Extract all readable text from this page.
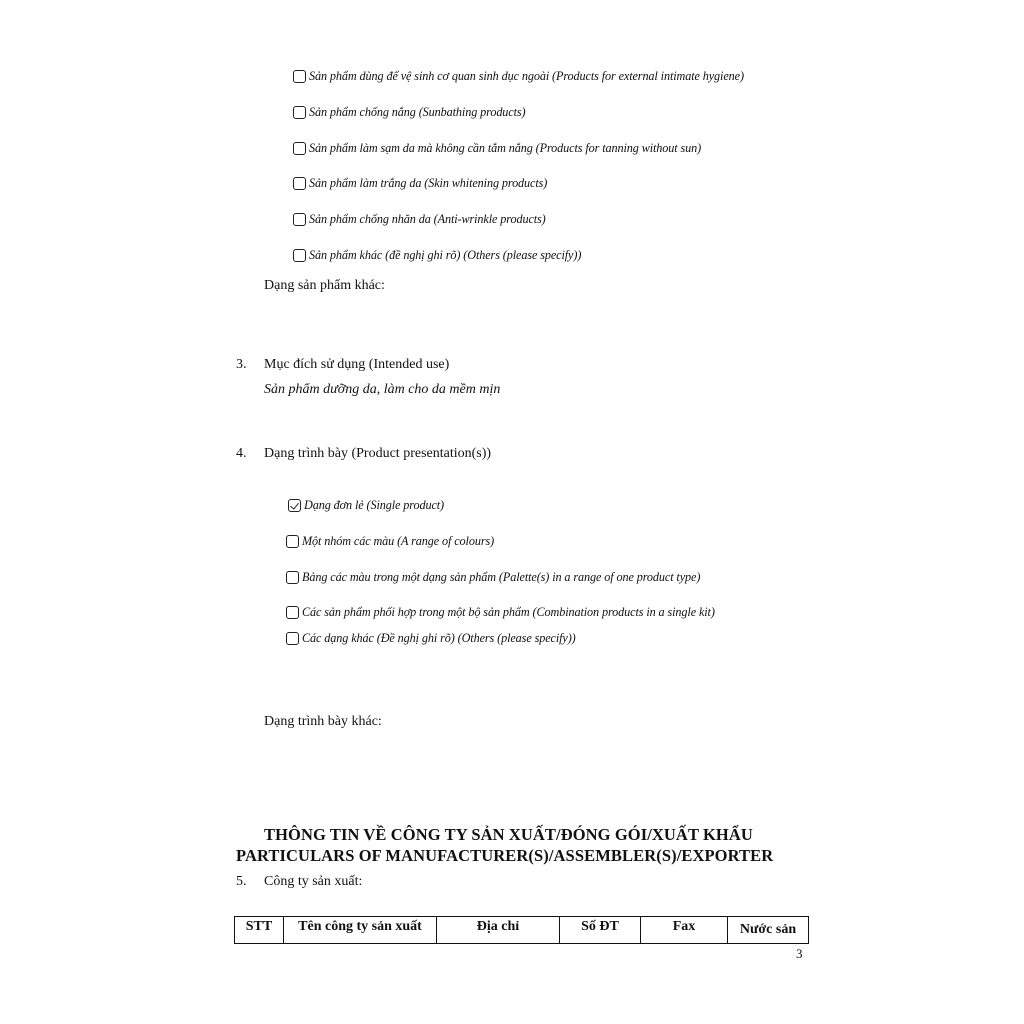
Sản phẩm dùng để vệ sinh cơ quan sinh dục ngoài (Products for external intimate hygiene)
Sản phẩm chống nắng (Sunbathing products)
Sản phẩm làm sạm da mà không cần tắm nắng (Products for tanning without sun)
Sản phẩm làm trắng da (Skin whitening products)
Sản phẩm chống nhăn da (Anti-wrinkle products)
Sản phẩm khác (đề nghị ghi rõ) (Others (please specify))
Dạng sản phẩm khác:
3. Mục đích sử dụng (Intended use)
Sản phẩm dưỡng da, làm cho da mềm mịn
4. Dạng trình bày (Product presentation(s))
Dạng đơn lẻ (Single product)
Một nhóm các màu (A range of colours)
Bảng các màu trong một dạng sản phẩm (Palette(s) in a range of one product type)
Các sản phẩm phối hợp trong một bộ sản phẩm (Combination products in a single kit)
Các dạng khác (Đề nghị ghi rõ) (Others (please specify))
Dạng trình bày khác:
THÔNG TIN VỀ CÔNG TY SẢN XUẤT/ĐÓNG GÓI/XUẤT KHẨU
PARTICULARS OF MANUFACTURER(S)/ASSEMBLER(S)/EXPORTER
5. Công ty sản xuất:
STT	Tên công ty sản xuất	Địa chỉ	Số ĐT	Fax	Nước sản
3
